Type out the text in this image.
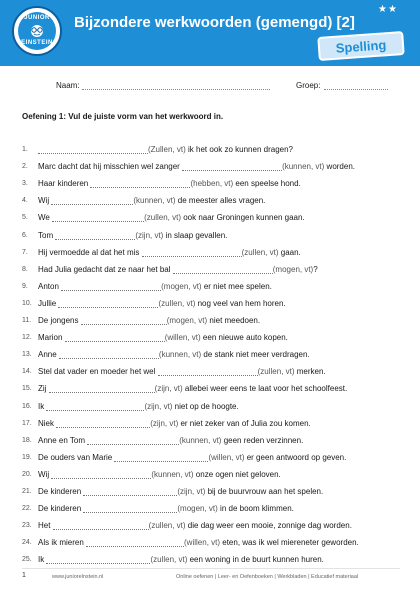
JUNIOR
EINSTEIN
Bijzondere werkwoorden (gemengd) [2]
★★
Spelling
Naam:	Groep:
Oefening 1: Vul de juiste vorm van het werkwoord in.
1.	(Zullen, vt) ik het ook zo kunnen dragen?
2.	Marc dacht dat hij misschien wel zanger	(kunnen, vt) worden.
3.	Haar kinderen	(hebben, vt) een speelse hond.
4.	Wij	(kunnen, vt) de meester alles vragen.
5.	We	(zullen, vt) ook naar Groningen kunnen gaan.
6.	Tom	(zijn, vt) in slaap gevallen.
7.	Hij vermoedde al dat het mis	(zullen, vt) gaan.
8.	Had Julia gedacht dat ze naar het bal	(mogen, vt) ?
9.	Anton	(mogen, vt) er niet mee spelen.
10. Jullie	(zullen, vt) nog veel van hem horen.
11. De jongens	(mogen, vt) niet meedoen.
12. Marion	(willen, vt) een nieuwe auto kopen.
13. Anne	(kunnen, vt) de stank niet meer verdragen.
14. Stel dat vader en moeder het wel	(zullen, vt) merken.
15. Zij	(zijn, vt) allebei weer eens te laat voor het schoolfeest.
16. Ik	(zijn, vt) niet op de hoogte.
17. Niek	(zijn, vt) er niet zeker van of Julia zou komen.
18. Anne en Tom	(kunnen, vt) geen reden verzinnen.
19. De ouders van Marie	(willen, vt) er geen antwoord op geven.
20. Wij	(kunnen, vt) onze ogen niet geloven.
21. De kinderen	(zijn, vt) bij de buurvrouw aan het spelen.
22. De kinderen	(mogen, vt) in de boom klimmen.
23. Het	(zullen, vt) die dag weer een mooie, zonnige dag worden.
24. Als ik mieren	(willen, vt) eten, was ik wel miereneter geworden.
25. Ik	(zullen, vt) een woning in de buurt kunnen huren.
1	www.juniorelnstein.nl	Online oefenen | Leer- en Oefenboeken | Werkbladen | Educatief materiaal
